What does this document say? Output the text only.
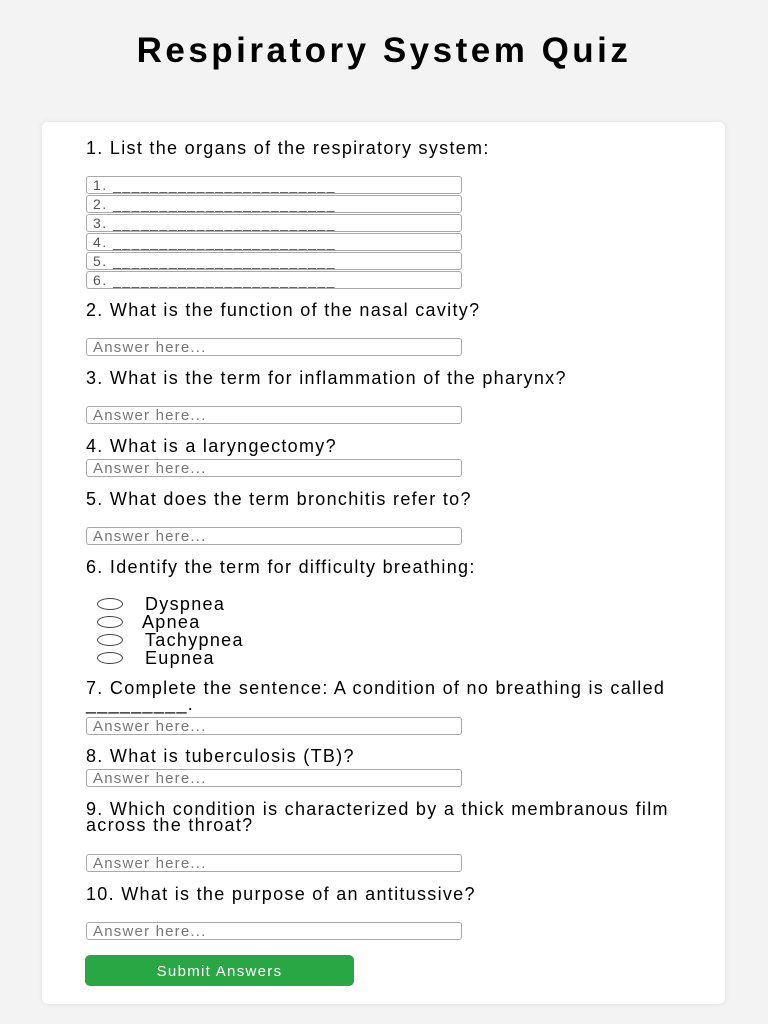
Respiratory System Quiz
1. List the organs of the respiratory system:
1. ________________________
2. ________________________
3. ________________________
4. ________________________
5. ________________________
6. ________________________
2. What is the function of the nasal cavity?
Answer here...
3. What is the term for inflammation of the pharynx?
Answer here...
4. What is a laryngectomy?
Answer here...
5. What does the term bronchitis refer to?
Answer here...
6. Identify the term for difficulty breathing:
Dyspnea
Apnea
Tachypnea
Eupnea
7. Complete the sentence: A condition of no breathing is called _________.
Answer here...
8. What is tuberculosis (TB)?
Answer here...
9. Which condition is characterized by a thick membranous film across the throat?
Answer here...
10. What is the purpose of an antitussive?
Answer here...
Submit Answers
